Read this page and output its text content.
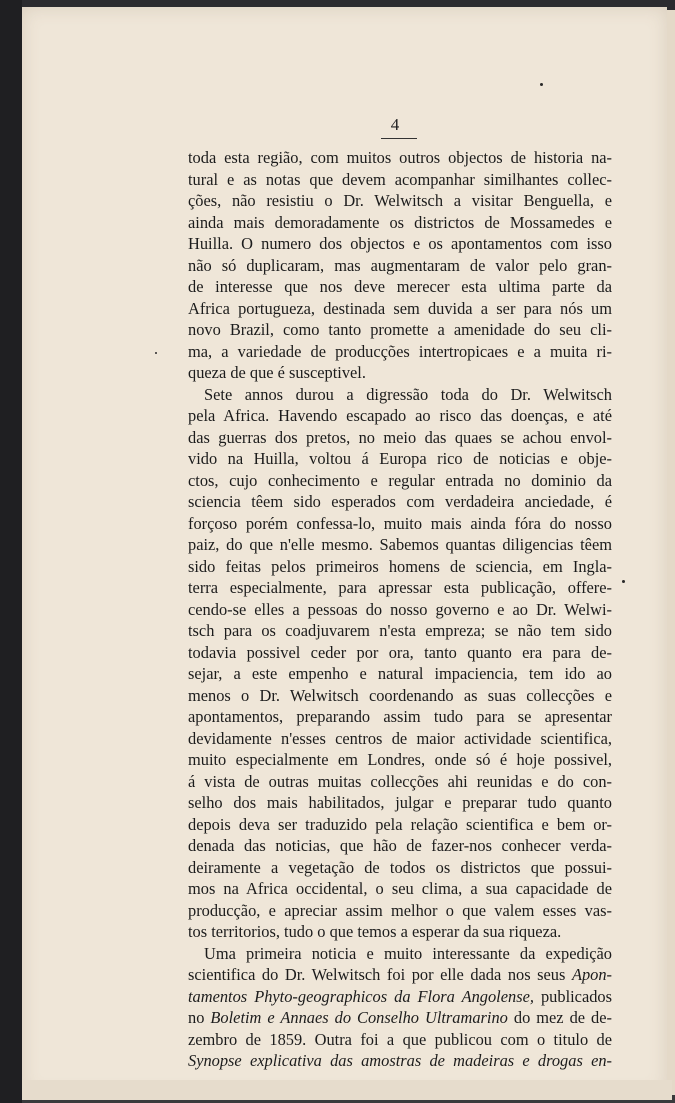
4
toda esta região, com muitos outros objectos de historia na-
tural e as notas que devem acompanhar similhantes collec-
ções, não resistiu o Dr. Welwitsch a visitar Benguella, e
ainda mais demoradamente os districtos de Mossamedes e
Huilla. O numero dos objectos e os apontamentos com isso
não só duplicaram, mas augmentaram de valor pelo gran-
de interesse que nos deve merecer esta ultima parte da
Africa portugueza, destinada sem duvida a ser para nós um
novo Brazil, como tanto promette a amenidade do seu cli-
ma, a variedade de producções intertropicaes e a muita ri-
queza de que é susceptivel.
Sete annos durou a digressão toda do Dr. Welwitsch
pela Africa. Havendo escapado ao risco das doenças, e até
das guerras dos pretos, no meio das quaes se achou envol-
vido na Huilla, voltou á Europa rico de noticias e obje-
ctos, cujo conhecimento e regular entrada no dominio da
sciencia têem sido esperados com verdadeira anciedade, é
forçoso porém confessa-lo, muito mais ainda fóra do nosso
paiz, do que n'elle mesmo. Sabemos quantas diligencias têem
sido feitas pelos primeiros homens de sciencia, em Ingla-
terra especialmente, para apressar esta publicação, offere-
cendo-se elles a pessoas do nosso governo e ao Dr. Welwi-
tsch para os coadjuvarem n'esta empreza; se não tem sido
todavia possivel ceder por ora, tanto quanto era para de-
sejar, a este empenho e natural impaciencia, tem ido ao
menos o Dr. Welwitsch coordenando as suas collecções e
apontamentos, preparando assim tudo para se apresentar
devidamente n'esses centros de maior actividade scientifica,
muito especialmente em Londres, onde só é hoje possivel,
á vista de outras muitas collecções ahi reunidas e do con-
selho dos mais habilitados, julgar e preparar tudo quanto
depois deva ser traduzido pela relação scientifica e bem or-
denada das noticias, que hão de fazer-nos conhecer verda-
deiramente a vegetação de todos os districtos que possui-
mos na Africa occidental, o seu clima, a sua capacidade de
producção, e apreciar assim melhor o que valem esses vas-
tos territorios, tudo o que temos a esperar da sua riqueza.
Uma primeira noticia e muito interessante da expedição
scientifica do Dr. Welwitsch foi por elle dada nos seus Apon-
tamentos Phyto-geographicos da Flora Angolense, publicados
no Boletim e Annaes do Conselho Ultramarino do mez de de-
zembro de 1859. Outra foi a que publicou com o titulo de
Synopse explicativa das amostras de madeiras e drogas en-
